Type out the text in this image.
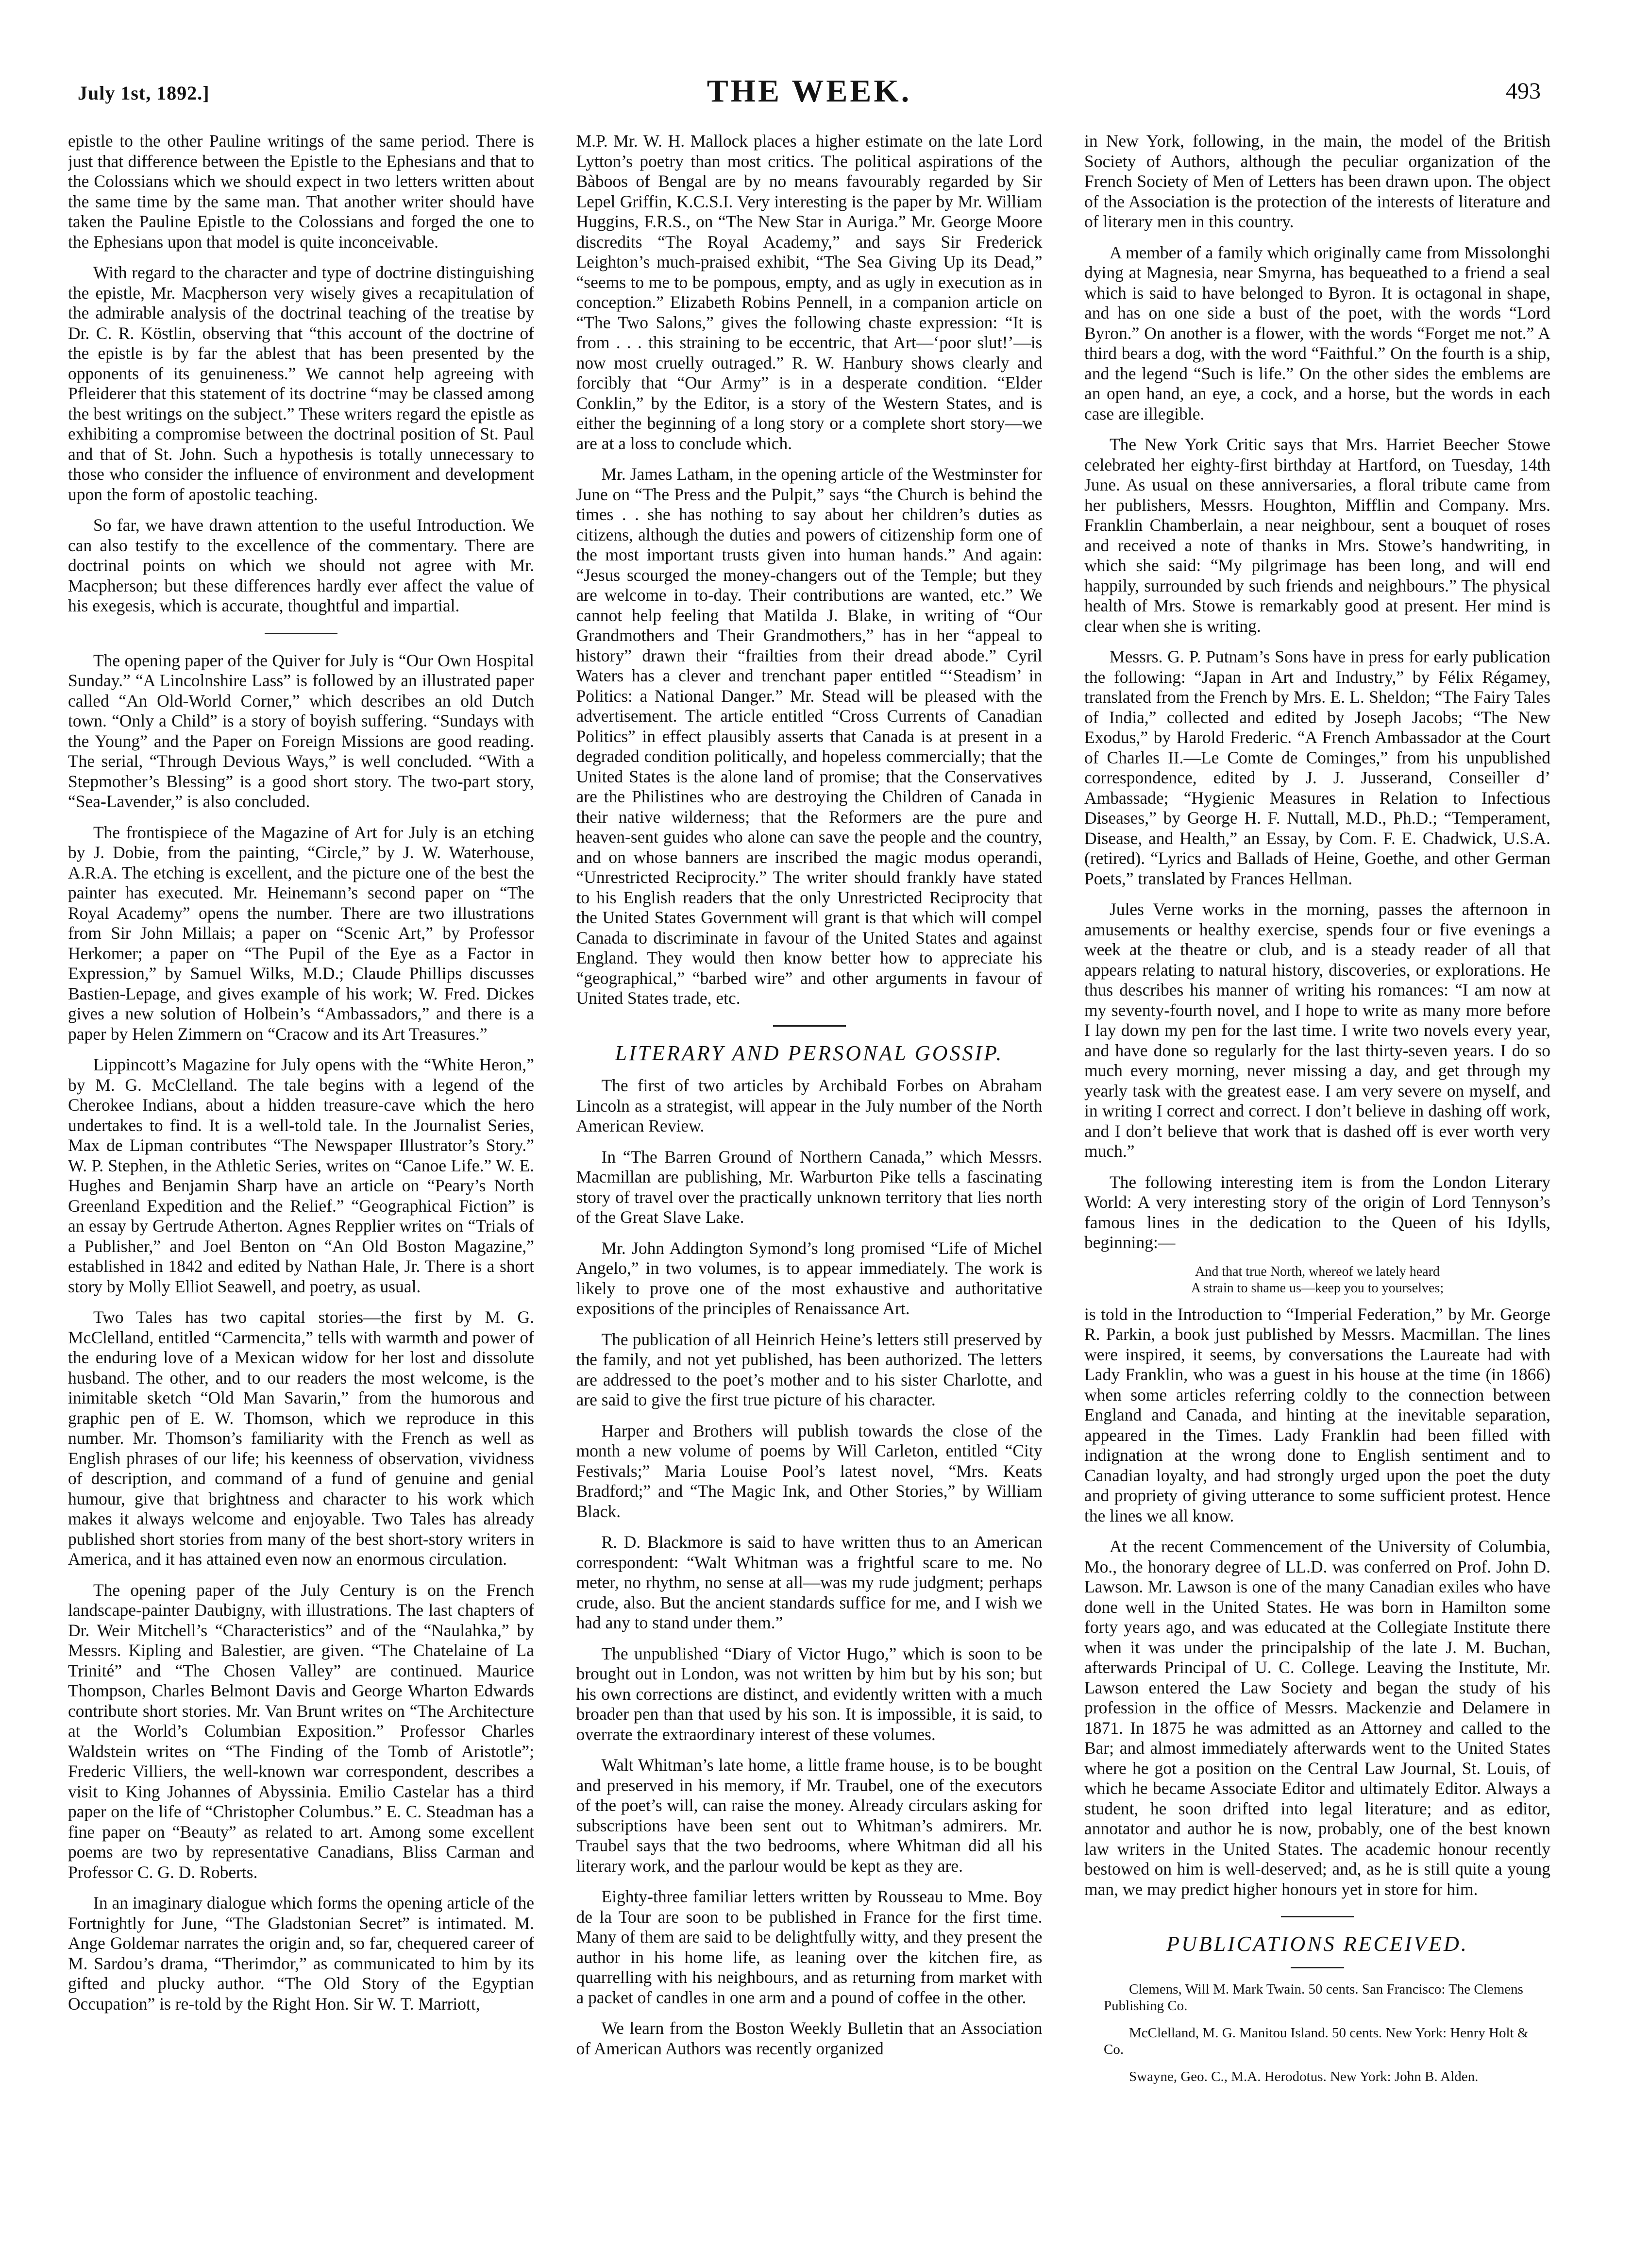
July 1st, 1892.]	THE WEEK.	493

epistle to the other Pauline writings of the same period. There is just that difference between the Epistle to the Ephesians and that to the Colossians which we should expect in two letters written about the same time by the same man. That another writer should have taken the Pauline Epistle to the Colossians and forged the one to the Ephesians upon that model is quite inconceivable.

With regard to the character and type of doctrine distinguishing the epistle, Mr. Macpherson very wisely gives a recapitulation of the admirable analysis of the doctrinal teaching of the treatise by Dr. C. R. Köstlin, observing that “this account of the doctrine of the epistle is by far the ablest that has been presented by the opponents of its genuineness.” We cannot help agreeing with Pfleiderer that this statement of its doctrine “may be classed among the best writings on the subject.” These writers regard the epistle as exhibiting a compromise between the doctrinal position of St. Paul and that of St. John. Such a hypothesis is totally unnecessary to those who consider the influence of environment and development upon the form of apostolic teaching.

So far, we have drawn attention to the useful Introduction. We can also testify to the excellence of the commentary. There are doctrinal points on which we should not agree with Mr. Macpherson; but these differences hardly ever affect the value of his exegesis, which is accurate, thoughtful and impartial.

The opening paper of the Quiver for July is “Our Own Hospital Sunday.” “A Lincolnshire Lass” is followed by an illustrated paper called “An Old-World Corner,” which describes an old Dutch town. “Only a Child” is a story of boyish suffering. “Sundays with the Young” and the Paper on Foreign Missions are good reading. The serial, “Through Devious Ways,” is well concluded. “With a Stepmother’s Blessing” is a good short story. The two-part story, “Sea-Lavender,” is also concluded.

The frontispiece of the Magazine of Art for July is an etching by J. Dobie, from the painting, “Circle,” by J. W. Waterhouse, A.R.A. The etching is excellent, and the picture one of the best the painter has executed. Mr. Heinemann’s second paper on “The Royal Academy” opens the number. There are two illustrations from Sir John Millais; a paper on “Scenic Art,” by Professor Herkomer; a paper on “The Pupil of the Eye as a Factor in Expression,” by Samuel Wilks, M.D.; Claude Phillips discusses Bastien-Lepage, and gives example of his work; W. Fred. Dickes gives a new solution of Holbein’s “Ambassadors,” and there is a paper by Helen Zimmern on “Cracow and its Art Treasures.”

Lippincott’s Magazine for July opens with the “White Heron,” by M. G. McClelland. The tale begins with a legend of the Cherokee Indians, about a hidden treasure-cave which the hero undertakes to find. It is a well-told tale. In the Journalist Series, Max de Lipman contributes “The Newspaper Illustrator’s Story.” W. P. Stephen, in the Athletic Series, writes on “Canoe Life.” W. E. Hughes and Benjamin Sharp have an article on “Peary’s North Greenland Expedition and the Relief.” “Geographical Fiction” is an essay by Gertrude Atherton. Agnes Repplier writes on “Trials of a Publisher,” and Joel Benton on “An Old Boston Magazine,” established in 1842 and edited by Nathan Hale, Jr. There is a short story by Molly Elliot Seawell, and poetry, as usual.

Two Tales has two capital stories—the first by M. G. McClelland, entitled “Carmencita,” tells with warmth and power of the enduring love of a Mexican widow for her lost and dissolute husband. The other, and to our readers the most welcome, is the inimitable sketch “Old Man Savarin,” from the humorous and graphic pen of E. W. Thomson, which we reproduce in this number. Mr. Thomson’s familiarity with the French as well as English phrases of our life; his keenness of observation, vividness of description, and command of a fund of genuine and genial humour, give that brightness and character to his work which makes it always welcome and enjoyable. Two Tales has already published short stories from many of the best short-story writers in America, and it has attained even now an enormous circulation.

The opening paper of the July Century is on the French landscape-painter Daubigny, with illustrations. The last chapters of Dr. Weir Mitchell’s “Characteristics” and of the “Naulahka,” by Messrs. Kipling and Balestier, are given. “The Chatelaine of La Trinité” and “The Chosen Valley” are continued. Maurice Thompson, Charles Belmont Davis and George Wharton Edwards contribute short stories. Mr. Van Brunt writes on “The Architecture at the World’s Columbian Exposition.” Professor Charles Waldstein writes on “The Finding of the Tomb of Aristotle”; Frederic Villiers, the well-known war correspondent, describes a visit to King Johannes of Abyssinia. Emilio Castelar has a third paper on the life of “Christopher Columbus.” E. C. Steadman has a fine paper on “Beauty” as related to art. Among some excellent poems are two by representative Canadians, Bliss Carman and Professor C. G. D. Roberts.

In an imaginary dialogue which forms the opening article of the Fortnightly for June, “The Gladstonian Secret” is intimated. M. Ange Goldemar narrates the origin and, so far, chequered career of M. Sardou’s drama, “Therimdor,” as communicated to him by its gifted and plucky author. “The Old Story of the Egyptian Occupation” is re-told by the Right Hon. Sir W. T. Marriott,

M.P. Mr. W. H. Mallock places a higher estimate on the late Lord Lytton’s poetry than most critics. The political aspirations of the Bàboos of Bengal are by no means favourably regarded by Sir Lepel Griffin, K.C.S.I. Very interesting is the paper by Mr. William Huggins, F.R.S., on “The New Star in Auriga.” Mr. George Moore discredits “The Royal Academy,” and says Sir Frederick Leighton’s much-praised exhibit, “The Sea Giving Up its Dead,” “seems to me to be pompous, empty, and as ugly in execution as in conception.” Elizabeth Robins Pennell, in a companion article on “The Two Salons,” gives the following chaste expression: “It is from . . . this straining to be eccentric, that Art—‘poor slut!’—is now most cruelly outraged.” R. W. Hanbury shows clearly and forcibly that “Our Army” is in a desperate condition. “Elder Conklin,” by the Editor, is a story of the Western States, and is either the beginning of a long story or a complete short story—we are at a loss to conclude which.

Mr. James Latham, in the opening article of the Westminster for June on “The Press and the Pulpit,” says “the Church is behind the times . . she has nothing to say about her children’s duties as citizens, although the duties and powers of citizenship form one of the most important trusts given into human hands.” And again: “Jesus scourged the money-changers out of the Temple; but they are welcome in to-day. Their contributions are wanted, etc.” We cannot help feeling that Matilda J. Blake, in writing of “Our Grandmothers and Their Grandmothers,” has in her “appeal to history” drawn their “frailties from their dread abode.” Cyril Waters has a clever and trenchant paper entitled “‘Steadism’ in Politics: a National Danger.” Mr. Stead will be pleased with the advertisement. The article entitled “Cross Currents of Canadian Politics” in effect plausibly asserts that Canada is at present in a degraded condition politically, and hopeless commercially; that the United States is the alone land of promise; that the Conservatives are the Philistines who are destroying the Children of Canada in their native wilderness; that the Reformers are the pure and heaven-sent guides who alone can save the people and the country, and on whose banners are inscribed the magic modus operandi, “Unrestricted Reciprocity.” The writer should frankly have stated to his English readers that the only Unrestricted Reciprocity that the United States Government will grant is that which will compel Canada to discriminate in favour of the United States and against England. They would then know better how to appreciate his “geographical,” “barbed wire” and other arguments in favour of United States trade, etc.

LITERARY AND PERSONAL GOSSIP.

The first of two articles by Archibald Forbes on Abraham Lincoln as a strategist, will appear in the July number of the North American Review.

In “The Barren Ground of Northern Canada,” which Messrs. Macmillan are publishing, Mr. Warburton Pike tells a fascinating story of travel over the practically unknown territory that lies north of the Great Slave Lake.

Mr. John Addington Symond’s long promised “Life of Michel Angelo,” in two volumes, is to appear immediately. The work is likely to prove one of the most exhaustive and authoritative expositions of the principles of Renaissance Art.

The publication of all Heinrich Heine’s letters still preserved by the family, and not yet published, has been authorized. The letters are addressed to the poet’s mother and to his sister Charlotte, and are said to give the first true picture of his character.

Harper and Brothers will publish towards the close of the month a new volume of poems by Will Carleton, entitled “City Festivals;” Maria Louise Pool’s latest novel, “Mrs. Keats Bradford;” and “The Magic Ink, and Other Stories,” by William Black.

R. D. Blackmore is said to have written thus to an American correspondent: “Walt Whitman was a frightful scare to me. No meter, no rhythm, no sense at all—was my rude judgment; perhaps crude, also. But the ancient standards suffice for me, and I wish we had any to stand under them.”

The unpublished “Diary of Victor Hugo,” which is soon to be brought out in London, was not written by him but by his son; but his own corrections are distinct, and evidently written with a much broader pen than that used by his son. It is impossible, it is said, to overrate the extraordinary interest of these volumes.

Walt Whitman’s late home, a little frame house, is to be bought and preserved in his memory, if Mr. Traubel, one of the executors of the poet’s will, can raise the money. Already circulars asking for subscriptions have been sent out to Whitman’s admirers. Mr. Traubel says that the two bedrooms, where Whitman did all his literary work, and the parlour would be kept as they are.

Eighty-three familiar letters written by Rousseau to Mme. Boy de la Tour are soon to be published in France for the first time. Many of them are said to be delightfully witty, and they present the author in his home life, as leaning over the kitchen fire, as quarrelling with his neighbours, and as returning from market with a packet of candles in one arm and a pound of coffee in the other.

We learn from the Boston Weekly Bulletin that an Association of American Authors was recently organized

in New York, following, in the main, the model of the British Society of Authors, although the peculiar organization of the French Society of Men of Letters has been drawn upon. The object of the Association is the protection of the interests of literature and of literary men in this country.

A member of a family which originally came from Missolonghi dying at Magnesia, near Smyrna, has bequeathed to a friend a seal which is said to have belonged to Byron. It is octagonal in shape, and has on one side a bust of the poet, with the words “Lord Byron.” On another is a flower, with the words “Forget me not.” A third bears a dog, with the word “Faithful.” On the fourth is a ship, and the legend “Such is life.” On the other sides the emblems are an open hand, an eye, a cock, and a horse, but the words in each case are illegible.

The New York Critic says that Mrs. Harriet Beecher Stowe celebrated her eighty-first birthday at Hartford, on Tuesday, 14th June. As usual on these anniversaries, a floral tribute came from her publishers, Messrs. Houghton, Mifflin and Company. Mrs. Franklin Chamberlain, a near neighbour, sent a bouquet of roses and received a note of thanks in Mrs. Stowe’s handwriting, in which she said: “My pilgrimage has been long, and will end happily, surrounded by such friends and neighbours.” The physical health of Mrs. Stowe is remarkably good at present. Her mind is clear when she is writing.

Messrs. G. P. Putnam’s Sons have in press for early publication the following: “Japan in Art and Industry,” by Félix Régamey, translated from the French by Mrs. E. L. Sheldon; “The Fairy Tales of India,” collected and edited by Joseph Jacobs; “The New Exodus,” by Harold Frederic. “A French Ambassador at the Court of Charles II.—Le Comte de Cominges,” from his unpublished correspondence, edited by J. J. Jusserand, Conseiller d’ Ambassade; “Hygienic Measures in Relation to Infectious Diseases,” by George H. F. Nuttall, M.D., Ph.D.; “Temperament, Disease, and Health,” an Essay, by Com. F. E. Chadwick, U.S.A. (retired). “Lyrics and Ballads of Heine, Goethe, and other German Poets,” translated by Frances Hellman.

Jules Verne works in the morning, passes the afternoon in amusements or healthy exercise, spends four or five evenings a week at the theatre or club, and is a steady reader of all that appears relating to natural history, discoveries, or explorations. He thus describes his manner of writing his romances: “I am now at my seventy-fourth novel, and I hope to write as many more before I lay down my pen for the last time. I write two novels every year, and have done so regularly for the last thirty-seven years. I do so much every morning, never missing a day, and get through my yearly task with the greatest ease. I am very severe on myself, and in writing I correct and correct. I don’t believe in dashing off work, and I don’t believe that work that is dashed off is ever worth very much.”

The following interesting item is from the London Literary World: A very interesting story of the origin of Lord Tennyson’s famous lines in the dedication to the Queen of his Idylls, beginning:—

And that true North, whereof we lately heard
A strain to shame us—keep you to yourselves;

is told in the Introduction to “Imperial Federation,” by Mr. George R. Parkin, a book just published by Messrs. Macmillan. The lines were inspired, it seems, by conversations the Laureate had with Lady Franklin, who was a guest in his house at the time (in 1866) when some articles referring coldly to the connection between England and Canada, and hinting at the inevitable separation, appeared in the Times. Lady Franklin had been filled with indignation at the wrong done to English sentiment and to Canadian loyalty, and had strongly urged upon the poet the duty and propriety of giving utterance to some sufficient protest. Hence the lines we all know.

At the recent Commencement of the University of Columbia, Mo., the honorary degree of LL.D. was conferred on Prof. John D. Lawson. Mr. Lawson is one of the many Canadian exiles who have done well in the United States. He was born in Hamilton some forty years ago, and was educated at the Collegiate Institute there when it was under the principalship of the late J. M. Buchan, afterwards Principal of U. C. College. Leaving the Institute, Mr. Lawson entered the Law Society and began the study of his profession in the office of Messrs. Mackenzie and Delamere in 1871. In 1875 he was admitted as an Attorney and called to the Bar; and almost immediately afterwards went to the United States where he got a position on the Central Law Journal, St. Louis, of which he became Associate Editor and ultimately Editor. Always a student, he soon drifted into legal literature; and as editor, annotator and author he is now, probably, one of the best known law writers in the United States. The academic honour recently bestowed on him is well-deserved; and, as he is still quite a young man, we may predict higher honours yet in store for him.

PUBLICATIONS RECEIVED.

Clemens, Will M. Mark Twain. 50 cents. San Francisco: The Clemens Publishing Co.

McClelland, M. G. Manitou Island. 50 cents. New York: Henry Holt & Co.

Swayne, Geo. C., M.A. Herodotus. New York: John B. Alden.
